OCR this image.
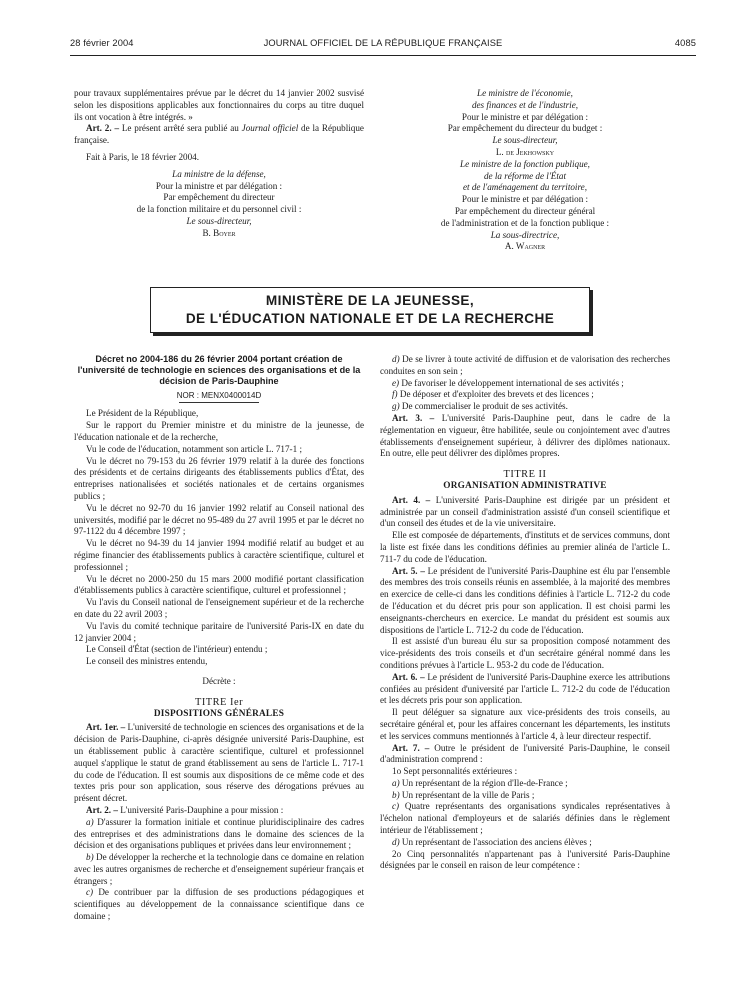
28 février 2004	JOURNAL OFFICIEL DE LA RÉPUBLIQUE FRANÇAISE	4085

pour travaux supplémentaires prévue par le décret du 14 janvier 2002 susvisé selon les dispositions applicables aux fonctionnaires du corps au titre duquel ils ont vocation à être intégrés. »

Art. 2. – Le présent arrêté sera publié au Journal officiel de la République française.

Fait à Paris, le 18 février 2004.

La ministre de la défense,

Pour la ministre et par délégation :

Par empêchement du directeur

de la fonction militaire et du personnel civil :

Le sous-directeur,

B. Boyer

Le ministre de l'économie,

des finances et de l'industrie,

Pour le ministre et par délégation :

Par empêchement du directeur du budget :

Le sous-directeur,

L. de Jekhowsky

Le ministre de la fonction publique,

de la réforme de l'État

et de l'aménagement du territoire,

Pour le ministre et par délégation :

Par empêchement du directeur général

de l'administration et de la fonction publique :

La sous-directrice,

A. Wagner

MINISTÈRE DE LA JEUNESSE,
DE L'ÉDUCATION NATIONALE ET DE LA RECHERCHE

Décret no 2004-186 du 26 février 2004 portant création de l'université de technologie en sciences des organisations et de la décision de Paris-Dauphine

NOR : MENX0400014D

Le Président de la République,

Sur le rapport du Premier ministre et du ministre de la jeunesse, de l'éducation nationale et de la recherche,

Vu le code de l'éducation, notamment son article L. 717-1 ;

Vu le décret no 79-153 du 26 février 1979 relatif à la durée des fonctions des présidents et de certains dirigeants des établissements publics d'État, des entreprises nationalisées et sociétés nationales et de certains organismes publics ;

Vu le décret no 92-70 du 16 janvier 1992 relatif au Conseil national des universités, modifié par le décret no 95-489 du 27 avril 1995 et par le décret no 97-1122 du 4 décembre 1997 ;

Vu le décret no 94-39 du 14 janvier 1994 modifié relatif au budget et au régime financier des établissements publics à caractère scientifique, culturel et professionnel ;

Vu le décret no 2000-250 du 15 mars 2000 modifié portant classification d'établissements publics à caractère scientifique, culturel et professionnel ;

Vu l'avis du Conseil national de l'enseignement supérieur et de la recherche en date du 22 avril 2003 ;

Vu l'avis du comité technique paritaire de l'université Paris-IX en date du 12 janvier 2004 ;

Le Conseil d'État (section de l'intérieur) entendu ;

Le conseil des ministres entendu,

Décrète :

TITRE Ier

DISPOSITIONS GÉNÉRALES

Art. 1er. – L'université de technologie en sciences des organisations et de la décision de Paris-Dauphine, ci-après désignée université Paris-Dauphine, est un établissement public à caractère scientifique, culturel et professionnel auquel s'applique le statut de grand établissement au sens de l'article L. 717-1 du code de l'éducation. Il est soumis aux dispositions de ce même code et des textes pris pour son application, sous réserve des dérogations prévues au présent décret.

Art. 2. – L'université Paris-Dauphine a pour mission :

a) D'assurer la formation initiale et continue pluridisciplinaire des cadres des entreprises et des administrations dans le domaine des sciences de la décision et des organisations publiques et privées dans leur environnement ;

b) De développer la recherche et la technologie dans ce domaine en relation avec les autres organismes de recherche et d'enseignement supérieur français et étrangers ;

c) De contribuer par la diffusion de ses productions pédagogiques et scientifiques au développement de la connaissance scientifique dans ce domaine ;

d) De se livrer à toute activité de diffusion et de valorisation des recherches conduites en son sein ;

e) De favoriser le développement international de ses activités ;

f) De déposer et d'exploiter des brevets et des licences ;

g) De commercialiser le produit de ses activités.

Art. 3. – L'université Paris-Dauphine peut, dans le cadre de la réglementation en vigueur, être habilitée, seule ou conjointement avec d'autres établissements d'enseignement supérieur, à délivrer des diplômes nationaux. En outre, elle peut délivrer des diplômes propres.

TITRE II

ORGANISATION ADMINISTRATIVE

Art. 4. – L'université Paris-Dauphine est dirigée par un président et administrée par un conseil d'administration assisté d'un conseil scientifique et d'un conseil des études et de la vie universitaire.

Elle est composée de départements, d'instituts et de services communs, dont la liste est fixée dans les conditions définies au premier alinéa de l'article L. 711-7 du code de l'éducation.

Art. 5. – Le président de l'université Paris-Dauphine est élu par l'ensemble des membres des trois conseils réunis en assemblée, à la majorité des membres en exercice de celle-ci dans les conditions définies à l'article L. 712-2 du code de l'éducation et du décret pris pour son application. Il est choisi parmi les enseignants-chercheurs en exercice. Le mandat du président est soumis aux dispositions de l'article L. 712-2 du code de l'éducation.

Il est assisté d'un bureau élu sur sa proposition composé notamment des vice-présidents des trois conseils et d'un secrétaire général nommé dans les conditions prévues à l'article L. 953-2 du code de l'éducation.

Art. 6. – Le président de l'université Paris-Dauphine exerce les attributions confiées au président d'université par l'article L. 712-2 du code de l'éducation et les décrets pris pour son application.

Il peut déléguer sa signature aux vice-présidents des trois conseils, au secrétaire général et, pour les affaires concernant les départements, les instituts et les services communs mentionnés à l'article 4, à leur directeur respectif.

Art. 7. – Outre le président de l'université Paris-Dauphine, le conseil d'administration comprend :

1o Sept personnalités extérieures :

a) Un représentant de la région d'Ile-de-France ;

b) Un représentant de la ville de Paris ;

c) Quatre représentants des organisations syndicales représentatives à l'échelon national d'employeurs et de salariés définies dans le règlement intérieur de l'établissement ;

d) Un représentant de l'association des anciens élèves ;

2o Cinq personnalités n'appartenant pas à l'université Paris-Dauphine désignées par le conseil en raison de leur compétence :
